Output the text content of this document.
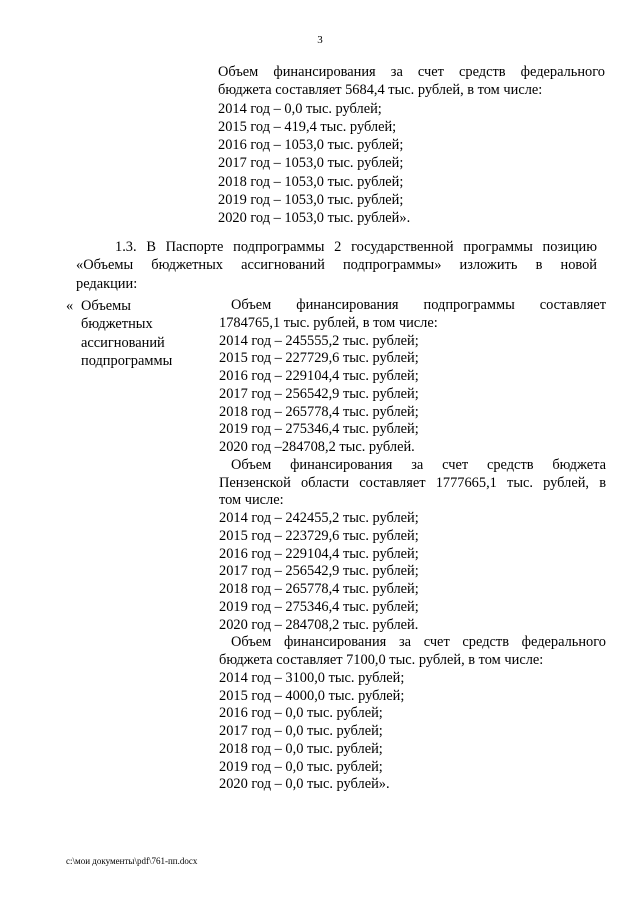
3
Объем финансирования за счет средств федерального
бюджета составляет 5684,4 тыс. рублей, в том числе:
2014 год – 0,0 тыс. рублей;
2015 год – 419,4 тыс. рублей;
2016 год – 1053,0 тыс. рублей;
2017 год – 1053,0 тыс. рублей;
2018 год – 1053,0 тыс. рублей;
2019 год – 1053,0 тыс. рублей;
2020 год – 1053,0 тыс. рублей».
1.3. В Паспорте подпрограммы 2 государственной программы позицию
«Объемы бюджетных ассигнований подпрограммы» изложить в новой
редакции:
« Объемы
бюджетных
ассигнований
подпрограммы
Объем финансирования подпрограммы составляет
1784765,1 тыс. рублей, в том числе:
2014 год – 245555,2 тыс. рублей;
2015 год – 227729,6 тыс. рублей;
2016 год – 229104,4 тыс. рублей;
2017 год – 256542,9 тыс. рублей;
2018 год – 265778,4 тыс. рублей;
2019 год – 275346,4 тыс. рублей;
2020 год –284708,2 тыс. рублей.
Объем финансирования за счет средств бюджета
Пензенской области составляет 1777665,1 тыс. рублей, в
том числе:
2014 год – 242455,2 тыс. рублей;
2015 год – 223729,6 тыс. рублей;
2016 год – 229104,4 тыс. рублей;
2017 год – 256542,9 тыс. рублей;
2018 год – 265778,4 тыс. рублей;
2019 год – 275346,4 тыс. рублей;
2020 год – 284708,2 тыс. рублей.
Объем финансирования за счет средств федерального
бюджета составляет 7100,0 тыс. рублей, в том числе:
2014 год – 3100,0 тыс. рублей;
2015 год – 4000,0 тыс. рублей;
2016 год – 0,0 тыс. рублей;
2017 год – 0,0 тыс. рублей;
2018 год – 0,0 тыс. рублей;
2019 год – 0,0 тыс. рублей;
2020 год – 0,0 тыс. рублей».
c:\мои документы\pdf\761-пп.docx
